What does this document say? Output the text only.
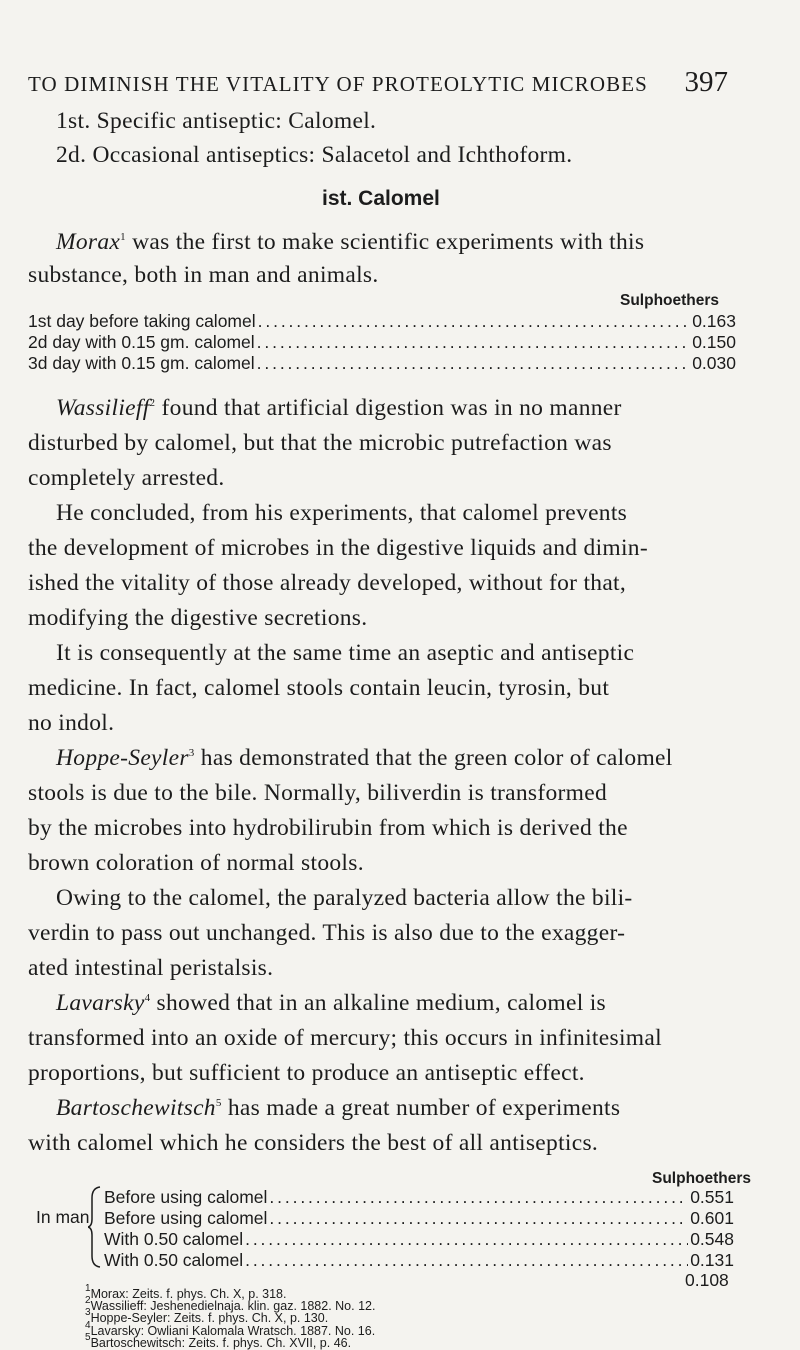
TO DIMINISH THE VITALITY OF PROTEOLYTIC MICROBES 397
1st. Specific antiseptic: Calomel.
2d. Occasional antiseptics: Salacetol and Ichthoform.
ist. Calomel
Morax$^1$ was the first to make scientific experiments with this
substance, both in man and animals.
Sulphoethers
1st day before taking calomel . . .	0.163
2d day with 0.15 gm. calomel . . .	0.150
3d day with 0.15 gm. calomel . . .	0.030
Wassilieff$^2$ found that artificial digestion was in no manner
disturbed by calomel, but that the microbic putrefaction was
completely arrested.
He concluded, from his experiments, that calomel prevents
the development of microbes in the digestive liquids and dimin-
ished the vitality of those already developed, without for that,
modifying the digestive secretions.
It is consequently at the same time an aseptic and antiseptic
medicine. In fact, calomel stools contain leucin, tyrosin, but
no indol.
Hoppe-Seyler$^3$ has demonstrated that the green color of calomel
stools is due to the bile. Normally, biliverdin is transformed
by the microbes into hydrobilirubin from which is derived the
brown coloration of normal stools.
Owing to the calomel, the paralyzed bacteria allow the bili-
verdin to pass out unchanged. This is also due to the exagger-
ated intestinal peristalsis.
Lavarsky$^4$ showed that in an alkaline medium, calomel is
transformed into an oxide of mercury; this occurs in infinitesimal
proportions, but sufficient to produce an antiseptic effect.
Bartoschewitsch$^5$ has made a great number of experiments
with calomel which he considers the best of all antiseptics.
Sulphoethers
In man
Before using calomel . . .	0.551
Before using calomel . . .	0.601
With 0.50 calomel . . .	0.548
With 0.50 calomel . . .	0.131
0.108
$^1$Morax: Zeits. f. phys. Ch. X, p. 318.
$^2$Wassilieff: Jeshenedielnaja. klin. gaz. 1882. No. 12.
$^3$Hoppe-Seyler: Zeits. f. phys. Ch. X, p. 130.
$^4$Lavarsky: Owliani Kalomala Wratsch. 1887. No. 16.
$^5$Bartoschewitsch: Zeits. f. phys. Ch. XVII, p. 46.
